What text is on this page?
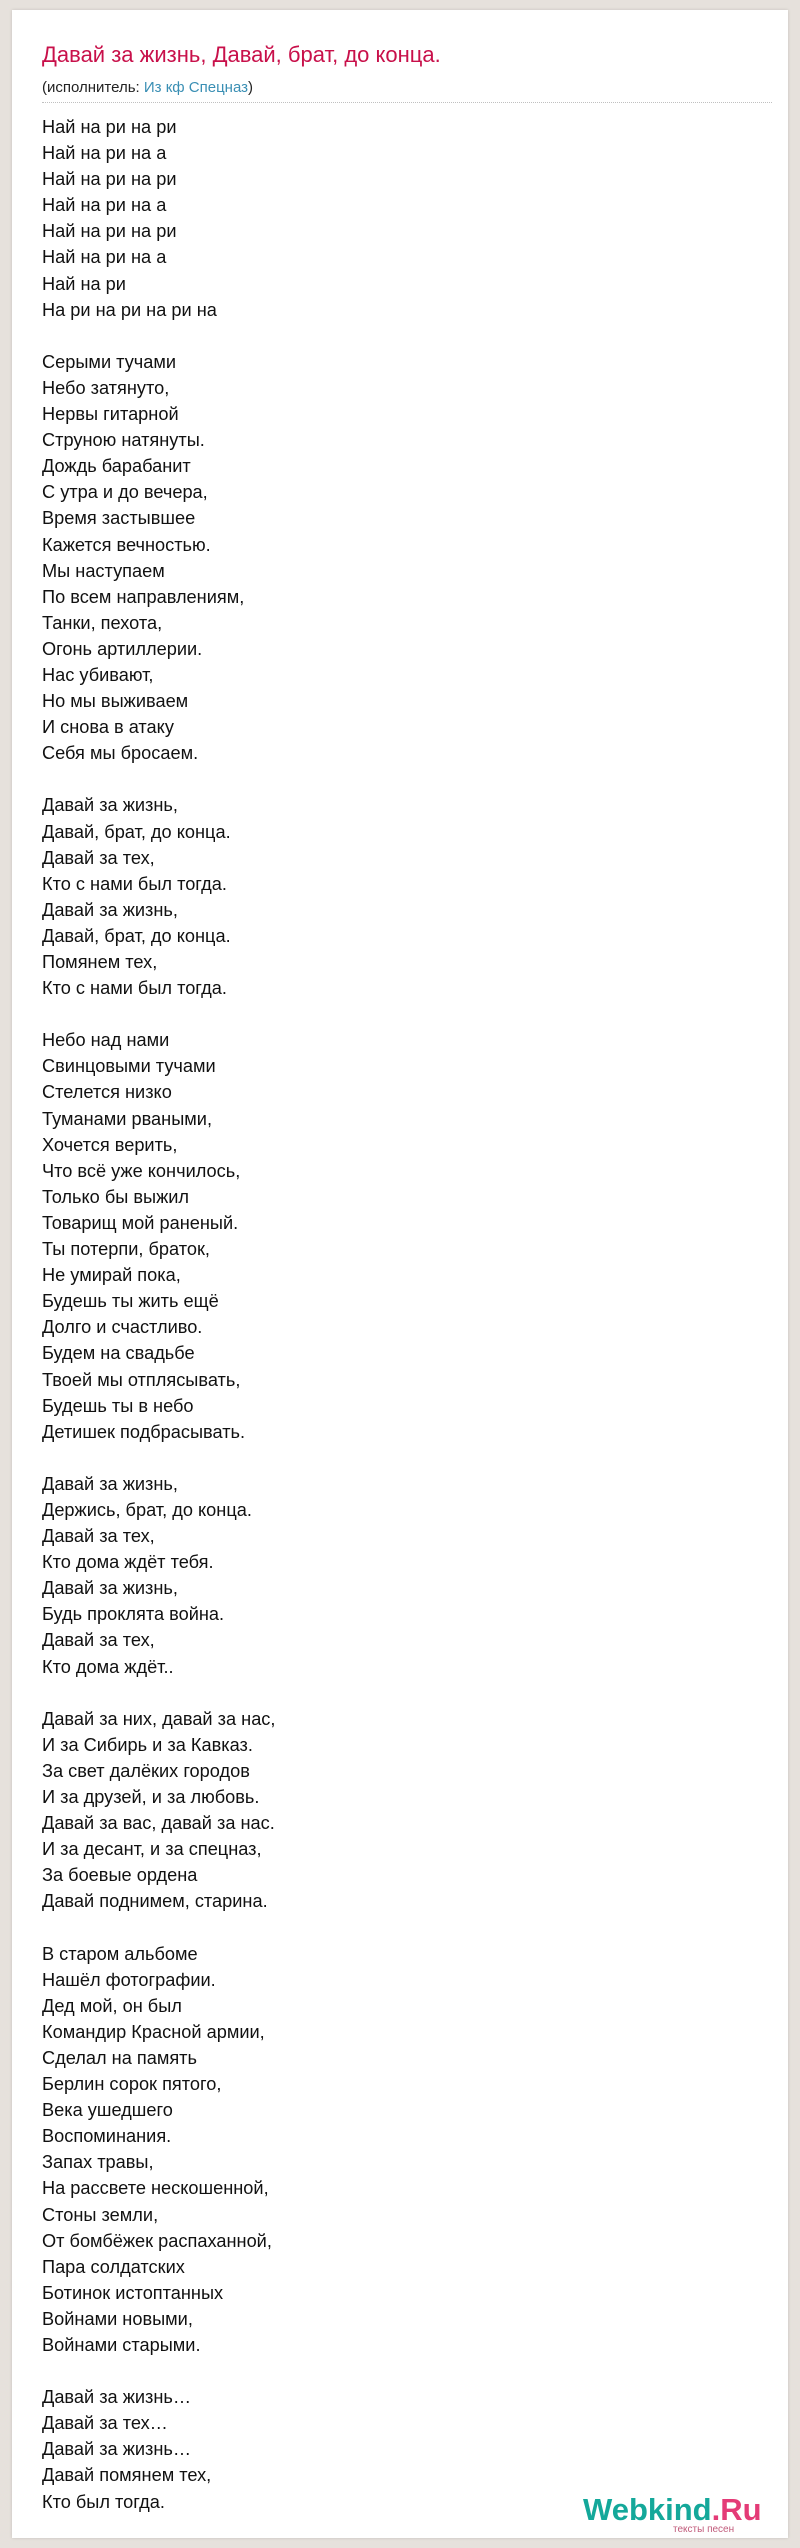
Давай за жизнь, Давай, брат, до конца.
(исполнитель: Из кф Спецназ)
Най на ри на ри
Най на ри на а
Най на ри на ри
Най на ри на а
Най на ри на ри
Най на ри на а
Най на ри
На ри на ри на ри на
Серыми тучами
Небо затянуто,
Нервы гитарной
Струною натянуты.
Дождь барабанит
С утра и до вечера,
Время застывшее
Кажется вечностью.
Мы наступаем
По всем направлениям,
Танки, пехота,
Огонь артиллерии.
Нас убивают,
Но мы выживаем
И снова в атаку
Себя мы бросаем.
Давай за жизнь,
Давай, брат, до конца.
Давай за тех,
Кто с нами был тогда.
Давай за жизнь,
Давай, брат, до конца.
Помянем тех,
Кто с нами был тогда.
Небо над нами
Свинцовыми тучами
Стелется низко
Туманами рваными,
Хочется верить,
Что всё уже кончилось,
Только бы выжил
Товарищ мой раненый.
Ты потерпи, браток,
Не умирай пока,
Будешь ты жить ещё
Долго и счастливо.
Будем на свадьбе
Твоей мы отплясывать,
Будешь ты в небо
Детишек подбрасывать.
Давай за жизнь,
Держись, брат, до конца.
Давай за тех,
Кто дома ждёт тебя.
Давай за жизнь,
Будь проклята война.
Давай за тех,
Кто дома ждёт..
Давай за них, давай за нас,
И за Сибирь и за Кавказ.
За свет далёких городов
И за друзей, и за любовь.
Давай за вас, давай за нас.
И за десант, и за спецназ,
За боевые ордена
Давай поднимем, старина.
В старом альбоме
Нашёл фотографии.
Дед мой, он был
Командир Красной армии,
Сделал на память
Берлин сорок пятого,
Века ушедшего
Воспоминания.
Запах травы,
На рассвете нескошенной,
Стоны земли,
От бомбёжек распаханной,
Пара солдатских
Ботинок истоптанных
Войнами новыми,
Войнами старыми.
Давай за жизнь…
Давай за тех…
Давай за жизнь…
Давай помянем тех,
Кто был тогда.	Webkind.Ru
тексты песен
